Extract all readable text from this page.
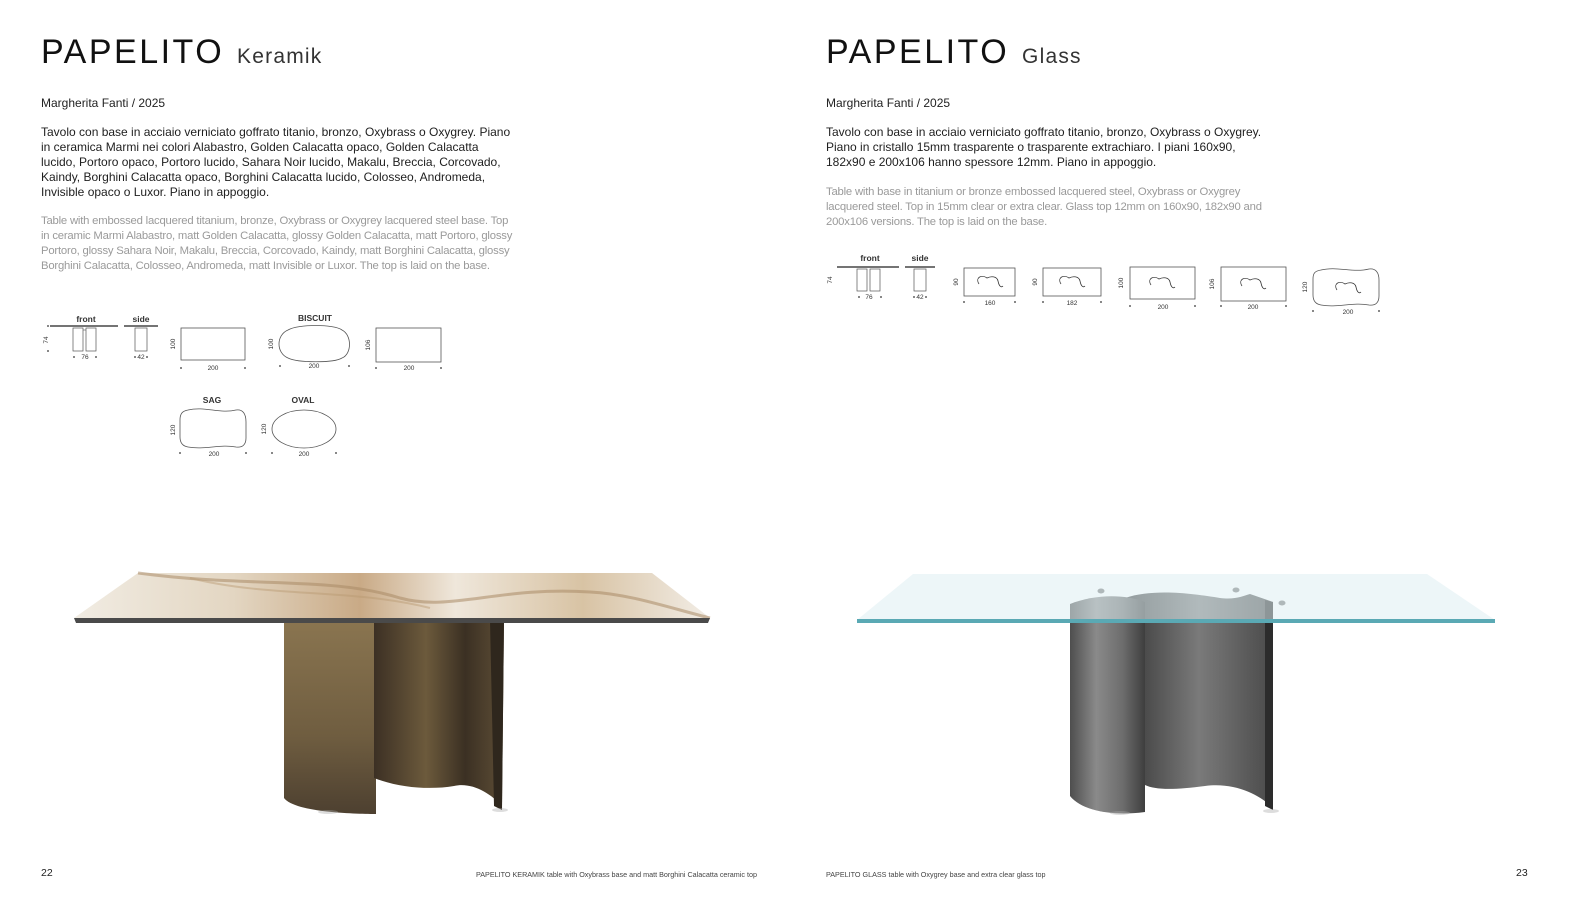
PAPELITO Keramik
Margherita Fanti / 2025

Tavolo con base in acciaio verniciato goffrato titanio, bronzo, Oxybrass o Oxygrey. Piano in ceramica Marmi nei colori Alabastro, Golden Calacatta opaco, Golden Calacatta lucido, Portoro opaco, Portoro lucido, Sahara Noir lucido, Makalu, Breccia, Corcovado, Kaindy, Borghini Calacatta opaco, Borghini Calacatta lucido, Colosseo, Andromeda, Invisible opaco o Luxor. Piano in appoggio.

Table with embossed lacquered titanium, bronze, Oxybrass or Oxygrey lacquered steel base. Top in ceramic Marmi Alabastro, matt Golden Calacatta, glossy Golden Calacatta, matt Portoro, glossy Portoro, glossy Sahara Noir, Makalu, Breccia, Corcovado, Kaindy, matt Borghini Calacatta, glossy Borghini Calacatta, Colosseo, Andromeda, matt Invisible or Luxor. The top is laid on the base.

front
74
76
side
42
100
200
BISCUIT
100
200
106
200
SAG
120
200
OVAL
120
200
22	PAPELITO KERAMIK table with Oxybrass base and matt Borghini Calacatta ceramic top
PAPELITO Glass
Margherita Fanti / 2025

Tavolo con base in acciaio verniciato goffrato titanio, bronzo, Oxybrass o Oxygrey. Piano in cristallo 15mm trasparente o trasparente extrachiaro. I piani 160x90, 182x90 e 200x106 hanno spessore 12mm. Piano in appoggio.

Table with base in titanium or bronze embossed lacquered steel, Oxybrass or Oxygrey lacquered steel. Top in 15mm clear or extra clear. Glass top 12mm on 160x90, 182x90 and 200x106 versions. The top is laid on the base.

front
74
76
side
42
90
160
90
182
100
200
106
200
120
200
PAPELITO GLASS table with Oxygrey base and extra clear glass top	23
